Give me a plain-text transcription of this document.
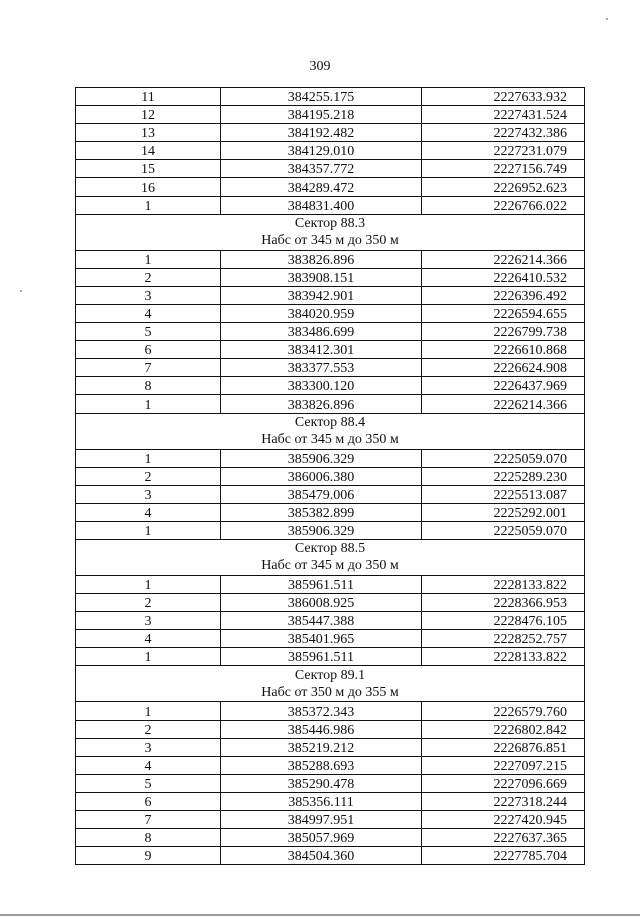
309
11	384255.175	2227633.932
12	384195.218	2227431.524
13	384192.482	2227432.386
14	384129.010	2227231.079
15	384357.772	2227156.749
16	384289.472	2226952.623
1	384831.400	2226766.022

Сектор 88.3
Набс от 345 м до 350 м		

1	383826.896	2226214.366
2	383908.151	2226410.532
3	383942.901	2226396.492
4	384020.959	2226594.655
5	383486.699	2226799.738
6	383412.301	2226610.868
7	383377.553	2226624.908
8	383300.120	2226437.969
1	383826.896	2226214.366

Сектор 88.4
Набс от 345 м до 350 м		

1	385906.329	2225059.070
2	386006.380	2225289.230
3	385479.006	2225513.087
4	385382.899	2225292.001
1	385906.329	2225059.070

Сектор 88.5
Набс от 345 м до 350 м		

1	385961.511	2228133.822
2	386008.925	2228366.953
3	385447.388	2228476.105
4	385401.965	2228252.757
1	385961.511	2228133.822

Сектор 89.1
Набс от 350 м до 355 м		

1	385372.343	2226579.760
2	385446.986	2226802.842
3	385219.212	2226876.851
4	385288.693	2227097.215
5	385290.478	2227096.669
6	385356.111	2227318.244
7	384997.951	2227420.945
8	385057.969	2227637.365
9	384504.360	2227785.704
